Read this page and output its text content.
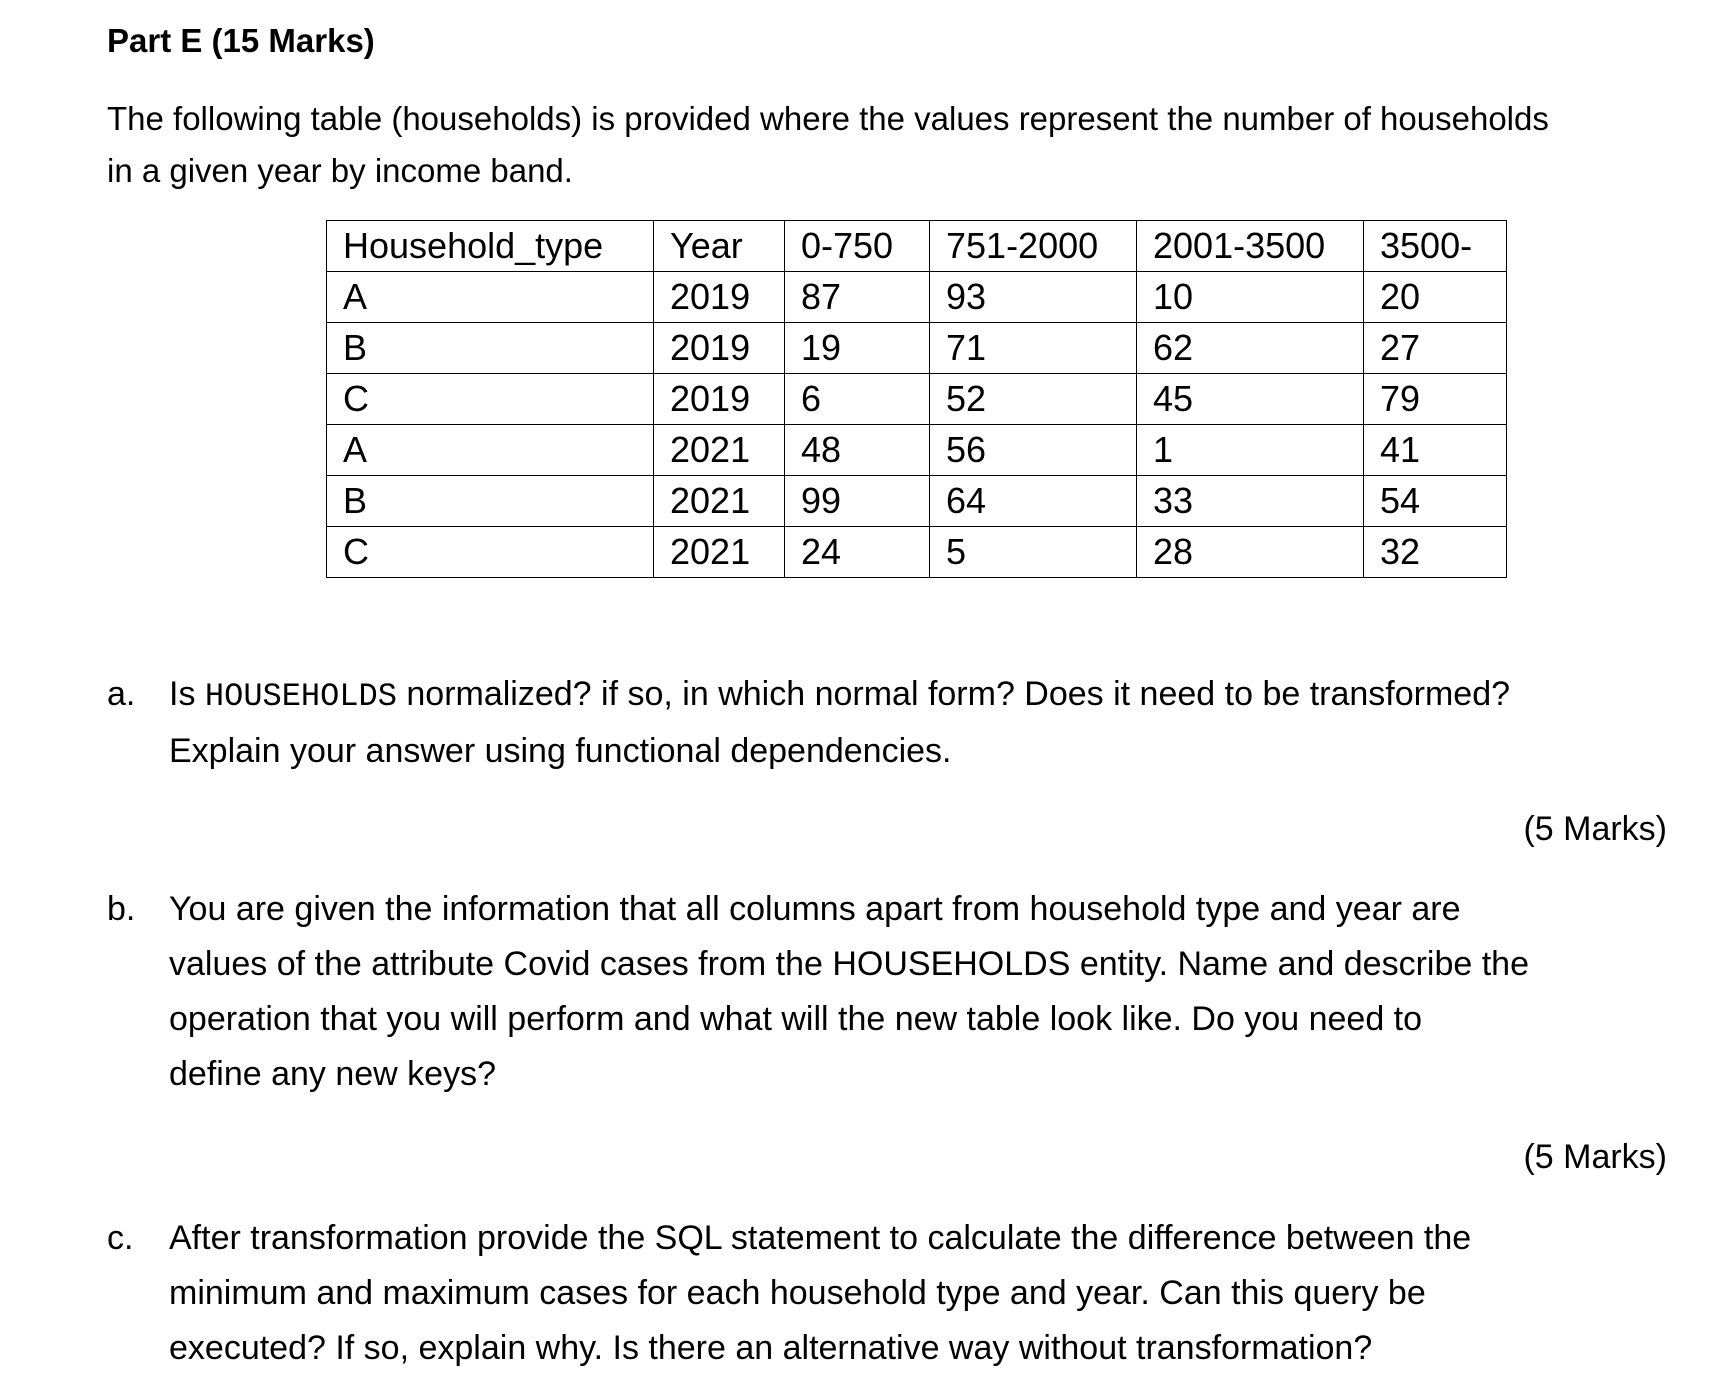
Part E (15 Marks)
The following table (households) is provided where the values represent the number of households
in a given year by income band.
Household_type	Year	0-750	751-2000	2001-3500	3500-
A	2019	87	93	10	20
B	2019	19	71	62	27
C	2019	6	52	45	79
A	2021	48	56	1	41
B	2021	99	64	33	54
C	2021	24	5	28	32
a. Is HOUSEHOLDS normalized? if so, in which normal form? Does it need to be transformed?
Explain your answer using functional dependencies.
(5 Marks)
b. You are given the information that all columns apart from household type and year are
values of the attribute Covid cases from the HOUSEHOLDS entity. Name and describe the
operation that you will perform and what will the new table look like. Do you need to
define any new keys?
(5 Marks)
c.	After transformation provide the SQL statement to calculate the difference between the
minimum and maximum cases for each household type and year. Can this query be
executed? If so, explain why. Is there an alternative way without transformation?
